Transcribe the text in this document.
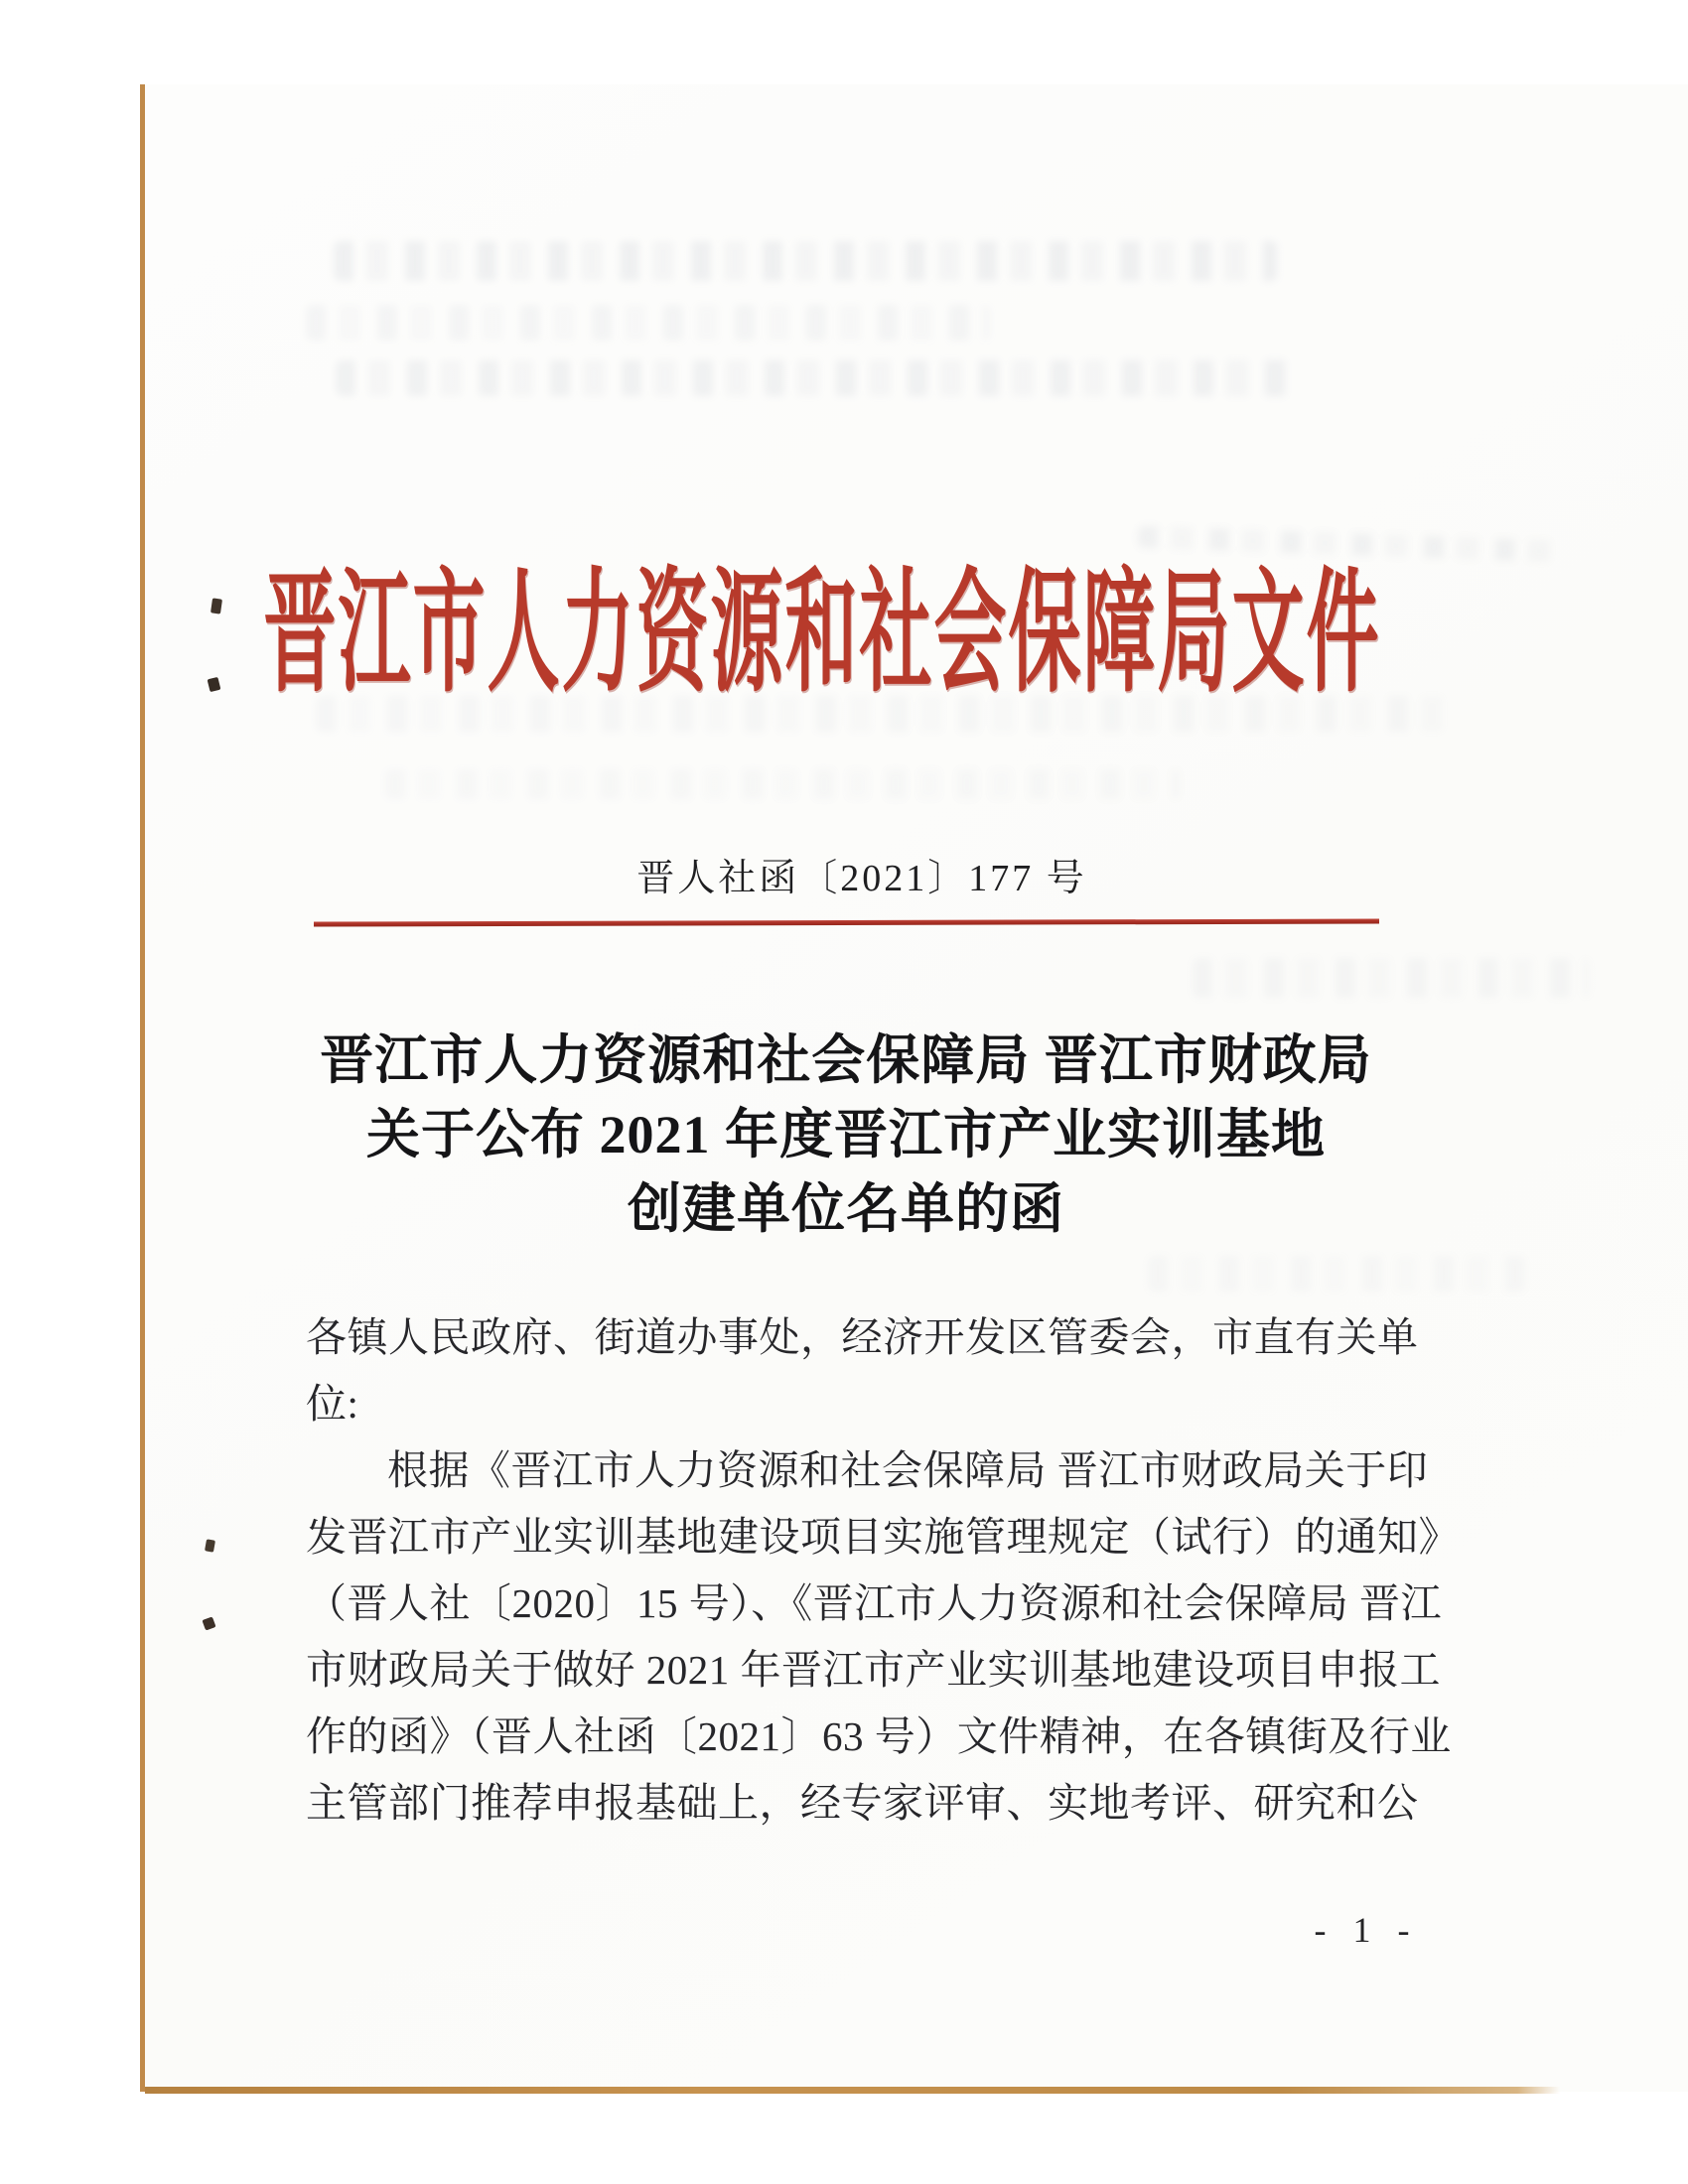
晋江市人力资源和社会保障局文件
晋人社函〔2021〕177 号
晋江市人力资源和社会保障局 晋江市财政局
关于公布 2021 年度晋江市产业实训基地
创建单位名单的函
各镇人民政府、街道办事处，经济开发区管委会，市直有关单
位:
根据《晋江市人力资源和社会保障局 晋江市财政局关于印
发晋江市产业实训基地建设项目实施管理规定（试行）的通知》
（晋人社〔2020〕15 号）、《晋江市人力资源和社会保障局 晋江
市财政局关于做好 2021 年晋江市产业实训基地建设项目申报工
作的函》（晋人社函〔2021〕63 号）文件精神，在各镇街及行业
主管部门推荐申报基础上，经专家评审、实地考评、研究和公
- 1 -
